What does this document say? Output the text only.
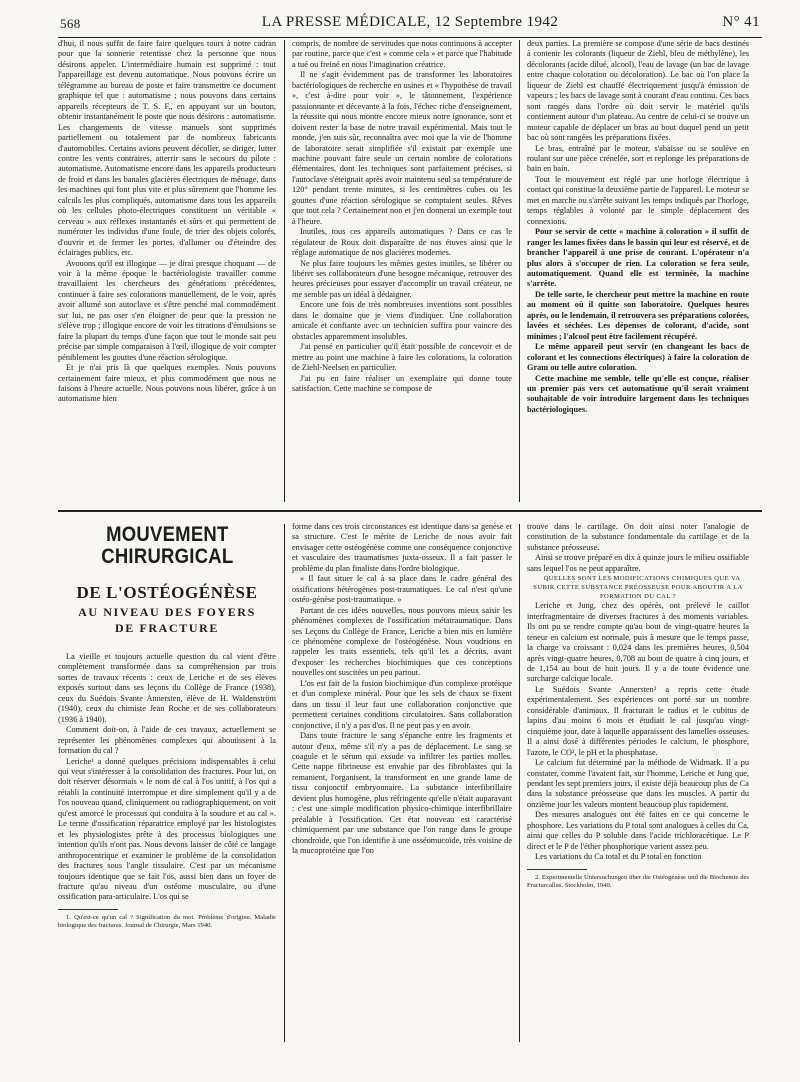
568	LA PRESSE MÉDICALE, 12 Septembre 1942	N° 41

d'hui, il nous suffit de faire faire quelques tours à notre cadran pour que la sonnerie retentisse chez la personne que nous désirons appeler. L'intermédiaire humain est supprimé : tout l'appareillage est devenu automatique. Nous pouvons écrire un télégramme au bureau de poste et faire transmettre ce document graphique tel que : automatisme ; nous pouvons dans certains appareils récepteurs de T. S. F., en appuyant sur un bouton, obtenir instantanément le poste que nous désirons : automatisme. Les changements de vitesse manuels sont supprimés partiellement ou totalement par de nombreux fabricants d'automobiles. Certains avions peuvent décoller, se diriger, lutter contre les vents contraires, atterrir sans le secours du pilote : automatisme. Automatisme encore dans les appareils producteurs de froid et dans les banales glacières électriques de ménage, dans les machines qui font plus vite et plus sûrement que l'homme les calculs les plus compliqués, automatisme dans tous les appareils où les cellules photo-électriques constituent un véritable « cerveau » aux réflexes instantanés et sûrs et qui permettent de numéroter les individus d'une foule, de trier des objets colorés, d'ouvrir et de fermer les portes, d'allumer ou d'éteindre des éclairages publics, etc.

Avouons qu'il est illogique — je dirai presque choquant — de voir à la même époque le bactériologiste travailler comme travaillaient les chercheurs des générations précédentes, continuer à faire ses colorations manuellement, de le voir, après avoir allumé son autoclave et s'être penché mal commodément sur lui, ne pas oser s'en éloigner de peur que la pression ne s'élève trop ; illogique encore de voir les titrations d'émulsions se faire la plupart du temps d'une façon que tout le monde sait peu précise par simple comparaison à l'œil, illogique de voir compter péniblement les gouttes d'une réaction sérologique.

Et je n'ai pris là que quelques exemples. Nous pouvons certainement faire mieux, et plus commodément que nous ne faisons à l'heure actuelle. Nous pouvons nous libérer, grâce à un automatisme bien

compris, de nombre de servitudes que nous continuons à accepter par routine, parce que c'est « comme cela » et parce que l'habitude a tué ou freiné en nous l'imagination créatrice.

Il ne s'agit évidemment pas de transformer les laboratoires bactériologiques de recherche en usines et « l'hypothèse de travail », c'est à-dire pour voir », le tâtonnement, l'expérience passionnante et décevante à la fois, l'échec riche d'enseignement, la réussite qui nous montre encore mieux notre ignorance, sont et doivent rester la base de notre travail expérimental. Mais tout le monde, j'en suis sûr, reconnaîtra avec moi que la vie de l'homme de laboratoire serait simplifiée s'il existait par exemple une machine pouvant faire seule un certain nombre de colorations élémentaires, dont les techniques sont parfaitement précises, si l'autoclave s'éteignait après avoir maintenu seul sa température de 120° pendant trente minutes, si les centimètres cubes ou les gouttes d'une réaction sérologique se comptaient seules. Rêves que tout cela ? Certainement non et j'en donnerai un exemple tout à l'heure.

Inutiles, tous ces appareils automatiques ? Dans ce cas le régulateur de Roux doit disparaître de nos étuves ainsi que le réglage automatique de nos glacières modernes.

Ne plus faire toujours les mêmes gestes inutiles, se libérer ou libérer ses collaborateurs d'une besogne mécanique, retrouver des heures précieuses pour essayer d'accomplir un travail créateur, ne me semble pas un idéal à dédaigner.

Encore une fois de très nombreuses inventions sont possibles dans le domaine que je viens d'indiquer. Une collaboration amicale et confiante avec un technicien suffira pour vaincre des obstacles apparemment insolubles.

J'ai pensé en particulier qu'il était possible de concevoir et de mettre au point une machine à faire les colorations, la coloration de Ziehl-Neelsen en particulier.

J'ai pu en faire réaliser un exemplaire qui donne toute satisfaction. Cette machine se compose de

deux parties. La première se compose d'une série de bacs destinés à contenir les colorants (liqueur de Ziehl, bleu de méthylène), les décolorants (acide dilué, alcool), l'eau de lavage (un bac de lavage entre chaque coloration ou décoloration). Le bac où l'on place la liqueur de Ziehl est chauffé électriquement jusqu'à émission de vapeurs ; les bacs de lavage sont à courant d'eau continu. Ces bacs sont rangés dans l'ordre où doit servir le matériel qu'ils contiennent autour d'un plateau. Au centre de celui-ci se trouve un moteur capable de déplacer un bras au bout duquel pend un petit bac où sont rangées les préparations fixées.

Le bras, entraîné par le moteur, s'abaisse ou se soulève en roulant sur une pièce crénelée, sort et replonge les préparations de bain en bain.

Tout le mouvement est réglé par une horloge électrique à contact qui constitue la deuxième partie de l'appareil. Le moteur se met en marche ou s'arrête suivant les temps indiqués par l'horloge, temps réglables à volonté par le simple déplacement des connexions.

Pour se servir de cette « machine à coloration » il suffit de ranger les lames fixées dans le bassin qui leur est réservé, et de brancher l'appareil à une prise de courant. L'opérateur n'a plus alors à s'occuper de rien. La coloration se fera seule, automatiquement. Quand elle est terminée, la machine s'arrête.

De telle sorte, le chercheur peut mettre la machine en route au moment où il quitte son laboratoire. Quelques heures après, ou le lendemain, il retrouvera ses préparations colorées, lavées et séchées. Les dépenses de colorant, d'acide, sont minimes ; l'alcool peut être facilement récupéré.

Le même appareil peut servir (en changeant les bacs de colorant et les connections électriques) à faire la coloration de Gram ou telle autre coloration.

Cette machine me semble, telle qu'elle est conçue, réaliser un premier pas vers cet automatisme qu'il serait vraiment souhaitable de voir introduire largement dans les techniques bactériologiques.

MOUVEMENT CHIRURGICAL
DE L'OSTÉOGÉNÈSE
AU NIVEAU DES FOYERS
DE FRACTURE

La vieille et toujours actuelle question du cal vient d'être complètement transformée dans sa compréhension par trois sortes de travaux récents : ceux de Leriche et de ses élèves exposés surtout dans ses leçons du Collège de France (1938), ceux du Suédois Svante Annersten, élève de H. Waldenström (1940), ceux du chimiste Jean Roche et de ses collaborateurs (1936 à 1940).

Comment doit-on, à l'aide de ces travaux, actuellement se représenter les phénomènes complexes qui aboutissent à la formation du cal ?

Leriche¹ a donné quelques précisions indispensables à celui qui veut s'intéresser à la consolidation des fractures. Pour lui, on doit réserver désormais « le nom de cal à l'os unitif, à l'os qui a rétabli la continuité interrompue et dire simplement qu'il y a de l'os nouveau quand, cliniquement ou radiographiquement, on voit qu'est amorcé le processus qui conduira à la soudure et au cal ». Le terme d'ossification réparatrice employé par les histologistes et les physiologistes prête à des processus biologiques une intention qu'ils n'ont pas. Nous devons laisser de côté ce langage anthropocentrique et examiner le problème de la consolidation des fractures sous l'angle tissulaire. C'est par un mécanisme toujours identique que se fait l'os, aussi bien dans un foyer de fracture qu'au niveau d'un ostéome musculaire, ou d'une ossification para-articulaire. L'os qui se

1. Qu'est-ce qu'un cal ? Signification du mot. Problème d'origine. Maladie biologique des fractures. Journal de Chirurgie, Mars 1940.

forme dans ces trois circonstances est identique dans sa genèse et sa structure. C'est le mérite de Leriche de nous avoir fait envisager cette ostéogénèse comme une conséquence conjonctive et vasculaire des traumatismes juxta-osseux. Il a fait passer le problème du plan finaliste dans l'ordre biologique.

« Il faut situer le cal à sa place dans le cadre général des ossifications hétérogènes post-traumatiques. Le cal n'est qu'une ostéo-génèse post-traumatique. »

Partant de ces idées nouvelles, nous pouvons mieux saisir les phénomènes complexes de l'ossification métatraumatique. Dans ses Leçons du Collège de France, Leriche a bien mis en lumière ce phénomène complexe de l'ostéogénèse. Nous voudrions en rappeler les traits essentiels, tels qu'il les a décrits, avant d'exposer les recherches biochimiques que ces conceptions nouvelles ont suscitées un peu partout.

L'os est fait de la fusion biochimique d'un complexe protéique et d'un complexe minéral. Pour que les sels de chaux se fixent dans un tissu il leur faut une collaboration conjonctive que permettent certaines conditions circulatoires. Sans collaboration conjonctive, il n'y a pas d'os. Il ne peut pas y en avoir.

Dans toute fracture le sang s'épanche entre les fragments et autour d'eux, même s'il n'y a pas de déplacement. Le sang se coagule et le sérum qui exsude va infiltrer les parties molles. Cette nappe fibrineuse est envahie par des fibroblastes qui la remanient, l'organisent, la transforment en une grande lame de tissu conjonctif embryonnaire. La substance interfibrillaire devient plus homogène, plus réfringente qu'elle n'était auparavant : c'est une simple modification physico-chimique interfibrillaire préalable à l'ossification. Cet état nouveau est caractérisé chimiquement par une substance que l'on range dans le groupe chondroïde, que l'on identifie à une osséomucoïde, très voisine de la mucoprotéine que l'on

trouve dans le cartilage. On doit ainsi noter l'analogie de constitution de la substance fondamentale du cartilage et de la substance préosseuse.

Ainsi se trouve préparé en dix à quinze jours le milieu ossifiable sans lequel l'os ne peut apparaître.

QUELLES SONT LES MODIFICATIONS CHIMIQUES QUE VA SUBIR CETTE SUBSTANCE PRÉOSSEUSE POUR ABOUTIR A LA FORMATION DU CAL ?

Leriche et Jung, chez des opérés, ont prélevé le caillot interfragmentaire de diverses fractures à des moments variables. Ils ont pu se rendre compte qu'au bout de vingt-quatre heures la teneur en calcium est normale, puis à mesure que le temps passe, la charge va croissant : 0,024 dans les premières heures, 0,504 après vingt-quatre heures, 0,708 au bout de quatre à cinq jours, et de 1,154 au bout de huit jours. Il y a de toute évidence une surcharge calcique locale.

Le Suédois Svante Annersten² a repris cette étude expérimentalement. Ses expériences ont porté sur un nombre considérable d'animaux. Il fracturait le radius et le cubitus de lapins d'au moins 6 mois et étudiait le cal jusqu'au vingt-cinquième jour, date à laquelle apparaissent des lamelles osseuses. Il a ainsi dosé à différentes périodes le calcium, le phosphore, l'azote, le CO², le pH et la phosphatase.

Le calcium fut déterminé par la méthode de Widmark. Il a pu constater, comme l'avaient fait, sur l'homme, Leriche et Jung que, pendant les sept premiers jours, il existe déjà beaucoup plus de Ca dans la substance préosseuse que dans les muscles. A partir du onzième jour les valeurs montent beaucoup plus rapidement.

Des mesures analogues ont été faites en ce qui concerne le phosphore. Les variations du P total sont analogues à celles du Ca, ainsi que celles du P soluble dans l'acide trichloracétique. Le P direct et le P de l'éther phosphorique varient assez peu.

Les variations du Ca total et du P total en fonction

2. Experimentelle Untersuchungen über die Ostéogénèse und die Biochemie des Fracturcallus. Stockholm, 1940.
